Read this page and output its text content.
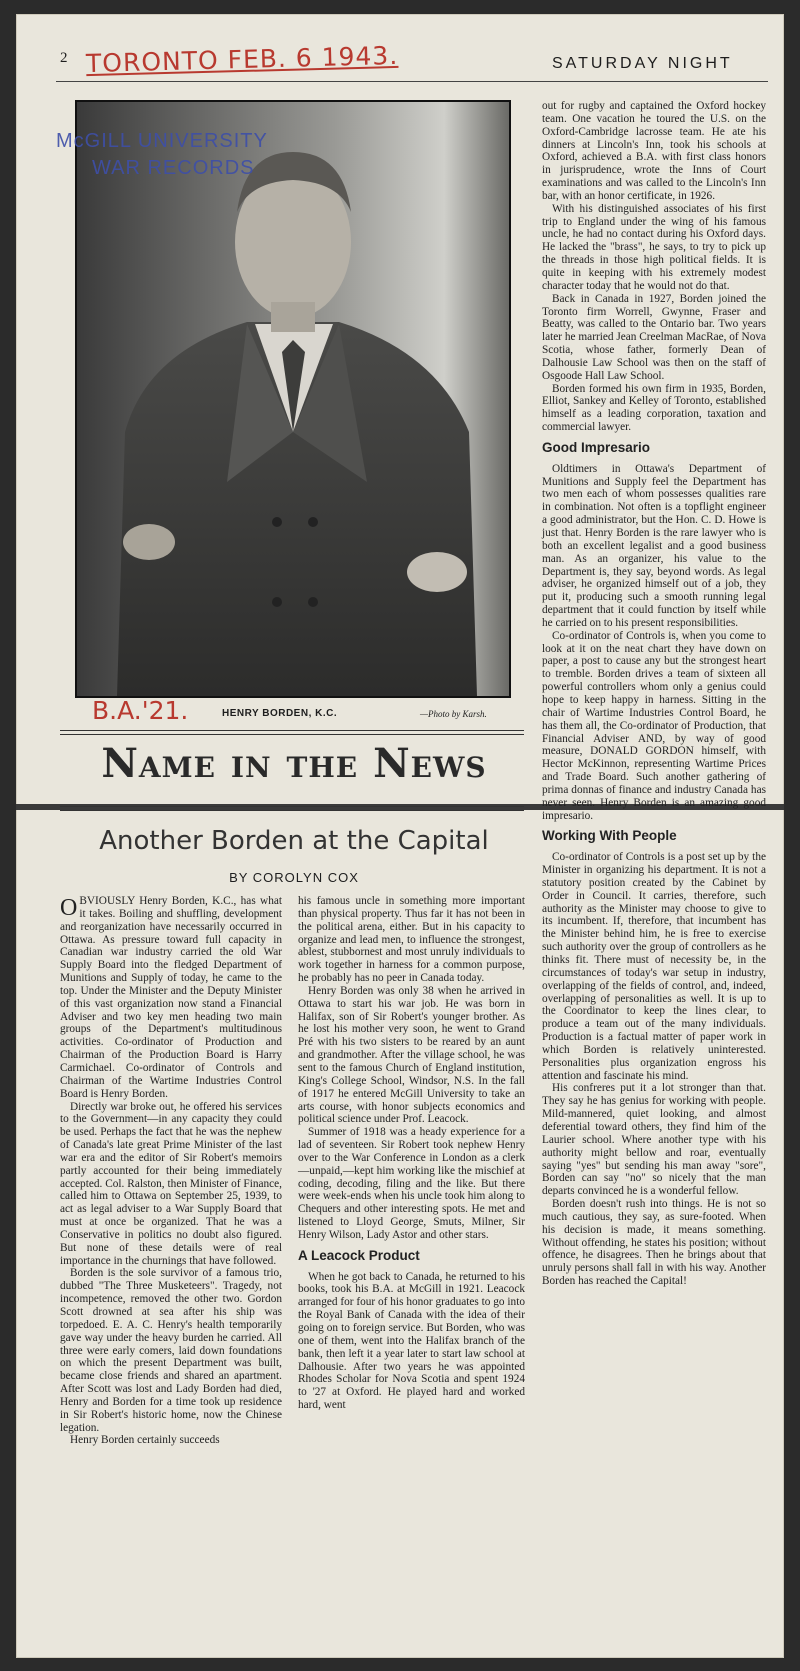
2 TORONTO FEB. 6 1943.	SATURDAY NIGHT
McGILL UNIVERSITY
WAR RECORDS
B.A.'21.	HENRY BORDEN, K.C.	—Photo by Karsh.
Name in the News
Another Borden at the Capital
BY COROLYN COX

OBVIOUSLY Henry Borden, K.C., has what it takes. Boiling and shuffling, development and reorganization have necessarily occurred in Ottawa. As pressure toward full capacity in Canadian war industry carried the old War Supply Board into the fledged Department of Munitions and Supply of today, he came to the top. Under the Minister and the Deputy Minister of this vast organization now stand a Financial Adviser and two key men heading two main groups of the Department's multitudinous activities. Co-ordinator of Production and Chairman of the Production Board is Harry Carmichael. Co-ordinator of Controls and Chairman of the Wartime Industries Control Board is Henry Borden.

Directly war broke out, he offered his services to the Government—in any capacity they could be used. Perhaps the fact that he was the nephew of Canada's late great Prime Minister of the last war era and the editor of Sir Robert's memoirs partly accounted for their being immediately accepted. Col. Ralston, then Minister of Finance, called him to Ottawa on September 25, 1939, to act as legal adviser to a War Supply Board that must at once be organized. That he was a Conservative in politics no doubt also figured. But none of these details were of real importance in the churnings that have followed.

Borden is the sole survivor of a famous trio, dubbed "The Three Musketeers". Tragedy, not incompetence, removed the other two. Gordon Scott drowned at sea after his ship was torpedoed. E. A. C. Henry's health temporarily gave way under the heavy burden he carried. All three were early comers, laid down foundations on which the present Department was built, became close friends and shared an apartment. After Scott was lost and Lady Borden had died, Henry and Borden for a time took up residence in Sir Robert's historic home, now the Chinese legation.

Henry Borden certainly succeeds

his famous uncle in something more important than physical property. Thus far it has not been in the political arena, either. But in his capacity to organize and lead men, to influence the strongest, ablest, stubbornest and most unruly individuals to work together in harness for a common purpose, he probably has no peer in Canada today.

Henry Borden was only 38 when he arrived in Ottawa to start his war job. He was born in Halifax, son of Sir Robert's younger brother. As he lost his mother very soon, he went to Grand Pré with his two sisters to be reared by an aunt and grandmother. After the village school, he was sent to the famous Church of England institution, King's College School, Windsor, N.S. In the fall of 1917 he entered McGill University to take an arts course, with honor subjects economics and political science under Prof. Leacock.

Summer of 1918 was a heady experience for a lad of seventeen. Sir Robert took nephew Henry over to the War Conference in London as a clerk—unpaid,—kept him working like the mischief at coding, decoding, filing and the like. But there were week-ends when his uncle took him along to Chequers and other interesting spots. He met and listened to Lloyd George, Smuts, Milner, Sir Henry Wilson, Lady Astor and other stars.

A Leacock Product

When he got back to Canada, he returned to his books, took his B.A. at McGill in 1921. Leacock arranged for four of his honor graduates to go into the Royal Bank of Canada with the idea of their going on to foreign service. But Borden, who was one of them, went into the Halifax branch of the bank, then left it a year later to start law school at Dalhousie. After two years he was appointed Rhodes Scholar for Nova Scotia and spent 1924 to '27 at Oxford. He played hard and worked hard, went

out for rugby and captained the Oxford hockey team. One vacation he toured the U.S. on the Oxford-Cambridge lacrosse team. He ate his dinners at Lincoln's Inn, took his schools at Oxford, achieved a B.A. with first class honors in jurisprudence, wrote the Inns of Court examinations and was called to the Lincoln's Inn bar, with an honor certificate, in 1926.

With his distinguished associates of his first trip to England under the wing of his famous uncle, he had no contact during his Oxford days. He lacked the "brass", he says, to try to pick up the threads in those high political fields. It is quite in keeping with his extremely modest character today that he would not do that.

Back in Canada in 1927, Borden joined the Toronto firm Worrell, Gwynne, Fraser and Beatty, was called to the Ontario bar. Two years later he married Jean Creelman MacRae, of Nova Scotia, whose father, formerly Dean of Dalhousie Law School was then on the staff of Osgoode Hall Law School.

Borden formed his own firm in 1935, Borden, Elliot, Sankey and Kelley of Toronto, established himself as a leading corporation, taxation and commercial lawyer.

Good Impresario

Oldtimers in Ottawa's Department of Munitions and Supply feel the Department has two men each of whom possesses qualities rare in combination. Not often is a topflight engineer a good administrator, but the Hon. C. D. Howe is just that. Henry Borden is the rare lawyer who is both an excellent legalist and a good business man. As an organizer, his value to the Department is, they say, beyond words. As legal adviser, he organized himself out of a job, they put it, producing such a smooth running legal department that it could function by itself while he carried on to his present responsibilities.

Co-ordinator of Controls is, when you come to look at it on the neat chart they have down on paper, a post to cause any but the strongest heart to tremble. Borden drives a team of sixteen all powerful controllers whom only a genius could hope to keep happy in harness. Sitting in the chair of Wartime Industries Control Board, he has them all, the Co-ordinator of Production, that Financial Adviser AND, by way of good measure, DONALD GORDON himself, with Hector McKinnon, representing Wartime Prices and Trade Board. Such another gathering of prima donnas of finance and industry Canada has never seen. Henry Borden is an amazing good impresario.

Working With People

Co-ordinator of Controls is a post set up by the Minister in organizing his department. It is not a statutory position created by the Cabinet by Order in Council. It carries, therefore, such authority as the Minister may choose to give to its incumbent. If, therefore, that incumbent has the Minister behind him, he is free to exercise such authority over the group of controllers as he thinks fit. There must of necessity be, in the circumstances of today's war setup in industry, overlapping of the fields of control, and, indeed, overlapping of personalities as well. It is up to the Coordinator to keep the lines clear, to produce a team out of the many individuals. Production is a factual matter of paper work in which Borden is relatively uninterested. Personalities plus organization engross his attention and fascinate his mind.

His confreres put it a lot stronger than that. They say he has genius for working with people. Mild-mannered, quiet looking, and almost deferential toward others, they find him of the Laurier school. Where another type with his authority might bellow and roar, eventually saying "yes" but sending his man away "sore", Borden can say "no" so nicely that the man departs convinced he is a wonderful fellow.

Borden doesn't rush into things. He is not so much cautious, they say, as sure-footed. When his decision is made, it means something. Without offending, he states his position; without offence, he disagrees. Then he brings about that unruly persons shall fall in with his way. Another Borden has reached the Capital!
